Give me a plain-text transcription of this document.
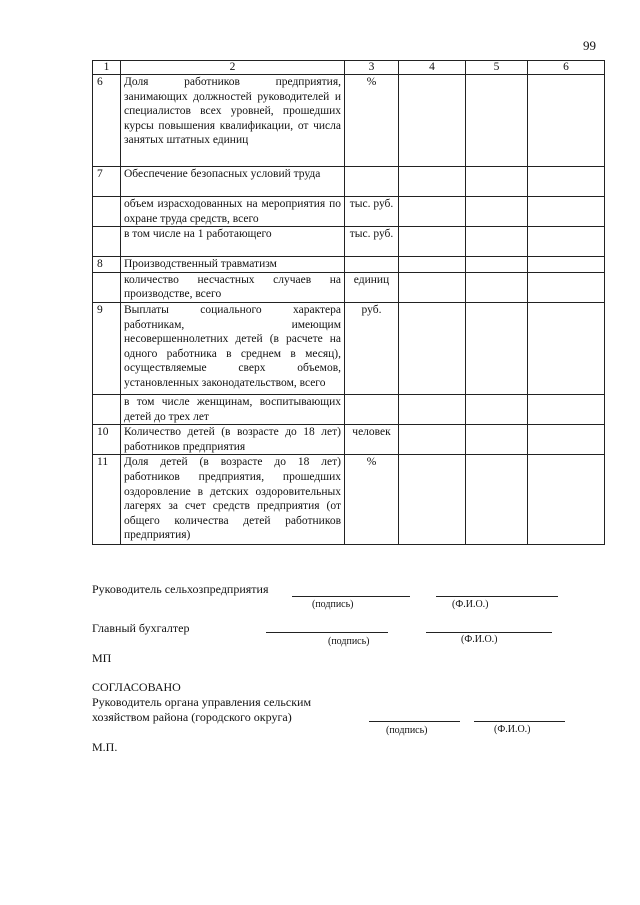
99
1	2	3	4	5	6
6	Доля работников предприятия, занимающих должностей руководителей и специалистов всех уровней, прошедших курсы повышения квалификации, от числа занятых штатных единиц	%			
7	Обеспечение безопасных условий труда				
	объем израсходованных на мероприятия по охране труда средств, всего	тыс. руб.			
	в том числе на 1 работающего	тыс. руб.			
8	Производственный травматизм				
	количество несчастных случаев на производстве, всего	единиц			
9	Выплаты социального характера работникам, имеющим несовершеннолетних детей (в расчете на одного работника в среднем в месяц), осуществляемые сверх объемов, установленных законодательством, всего	руб.			
	в том числе женщинам, воспитывающих детей до трех лет				
10	Количество детей (в возрасте до 18 лет) работников предприятия	человек			
11	Доля детей (в возрасте до 18 лет) работников предприятия, прошедших оздоровление в детских оздоровительных лагерях за счет средств предприятия (от общего количества детей работников предприятия)	%			
Руководитель сельхозпредприятия
(подпись)	(Ф.И.О.)
Главный бухгалтер
(подпись)	(Ф.И.О.)
МП
СОГЛАСОВАНО
Руководитель органа управления сельским
хозяйством района (городского округа)
(подпись)	(Ф.И.О.)
М.П.
